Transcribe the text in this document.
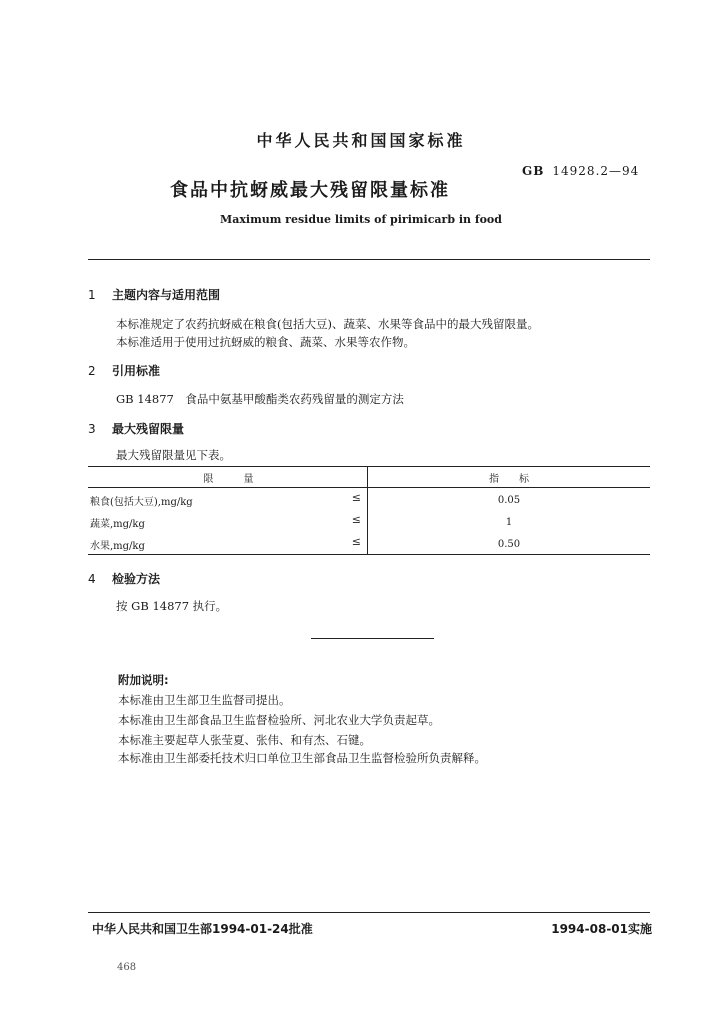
中华人民共和国国家标准
GB 14928.2—94
食品中抗蚜威最大残留限量标准
Maximum residue limits of pirimicarb in food
1 主题内容与适用范围
本标准规定了农药抗蚜威在粮食(包括大豆)、蔬菜、水果等食品中的最大残留限量。
本标准适用于使用过抗蚜威的粮食、蔬菜、水果等农作物。
2 引用标准
GB 14877　食品中氨基甲酸酯类农药残留量的测定方法
3 最大残留限量
最大残留限量见下表。
限　　　量	指　　标
粮食(包括大豆),mg/kg ≤	0.05
蔬菜,mg/kg ≤	1
水果,mg/kg ≤	0.50
4 检验方法
按 GB 14877 执行。
附加说明:
本标准由卫生部卫生监督司提出。
本标准由卫生部食品卫生监督检验所、河北农业大学负责起草。
本标准主要起草人张莹夏、张伟、和有杰、石键。
本标准由卫生部委托技术归口单位卫生部食品卫生监督检验所负责解释。
中华人民共和国卫生部1994-01-24批准	1994-08-01实施
468
